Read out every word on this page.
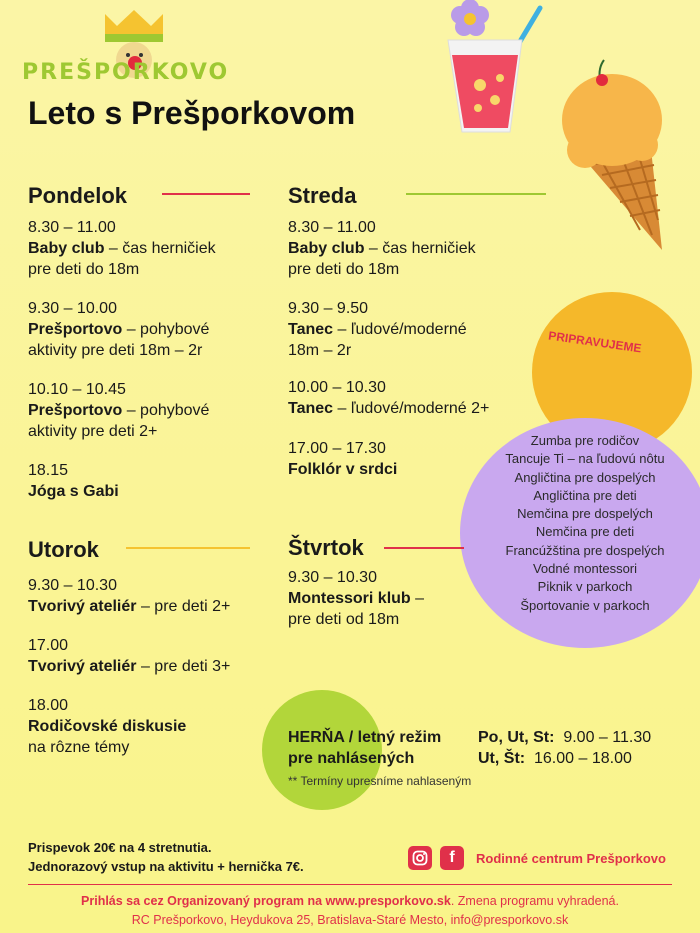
PREŠPORKOVO
Leto s Prešporkovom
Pondelok
8.30 – 11.00
Baby club – čas herničiek
pre deti do 18m
9.30 – 10.00
Prešportovo – pohybové
aktivity pre deti 18m – 2r
10.10 – 10.45
Prešportovo – pohybové
aktivity pre deti 2+
18.15
Jóga s Gabi
Utorok
9.30 – 10.30
Tvorivý ateliér – pre deti 2+
17.00
Tvorivý ateliér – pre deti 3+
18.00
Rodičovské diskusie
na rôzne témy
Streda
8.30 – 11.00
Baby club – čas herničiek
pre deti do 18m
9.30 – 9.50
Tanec – ľudové/moderné
18m – 2r
10.00 – 10.30
Tanec – ľudové/moderné 2+
17.00 – 17.30
Folklór v srdci
Štvrtok
9.30 – 10.30
Montessori klub –
pre deti od 18m
PRIPRAVUJEME
Zumba pre rodičov
Tancuje Ti – na ľudovú nôtu
Angličtina pre dospelých
Angličtina pre deti
Nemčina pre dospelých
Nemčina pre deti
Francúžština pre dospelých
Vodné montessori
Piknik v parkoch
Športovanie v parkoch
HERŇA / letný režim
pre nahlásených
Po, Ut, St: 9.00 – 11.30
Ut, Št: 16.00 – 18.00
** Termíny upresníme nahlaseným
Prispevok 20€ na 4 stretnutia.
Jednorazový vstup na aktivitu + hernička 7€.
f	Rodinné centrum Prešporkovo
Prihlás sa cez Organizovaný program na www.presporkovo.sk. Zmena programu vyhradená.
RC Prešporkovo, Heydukova 25, Bratislava-Staré Mesto, info@presporkovo.sk
